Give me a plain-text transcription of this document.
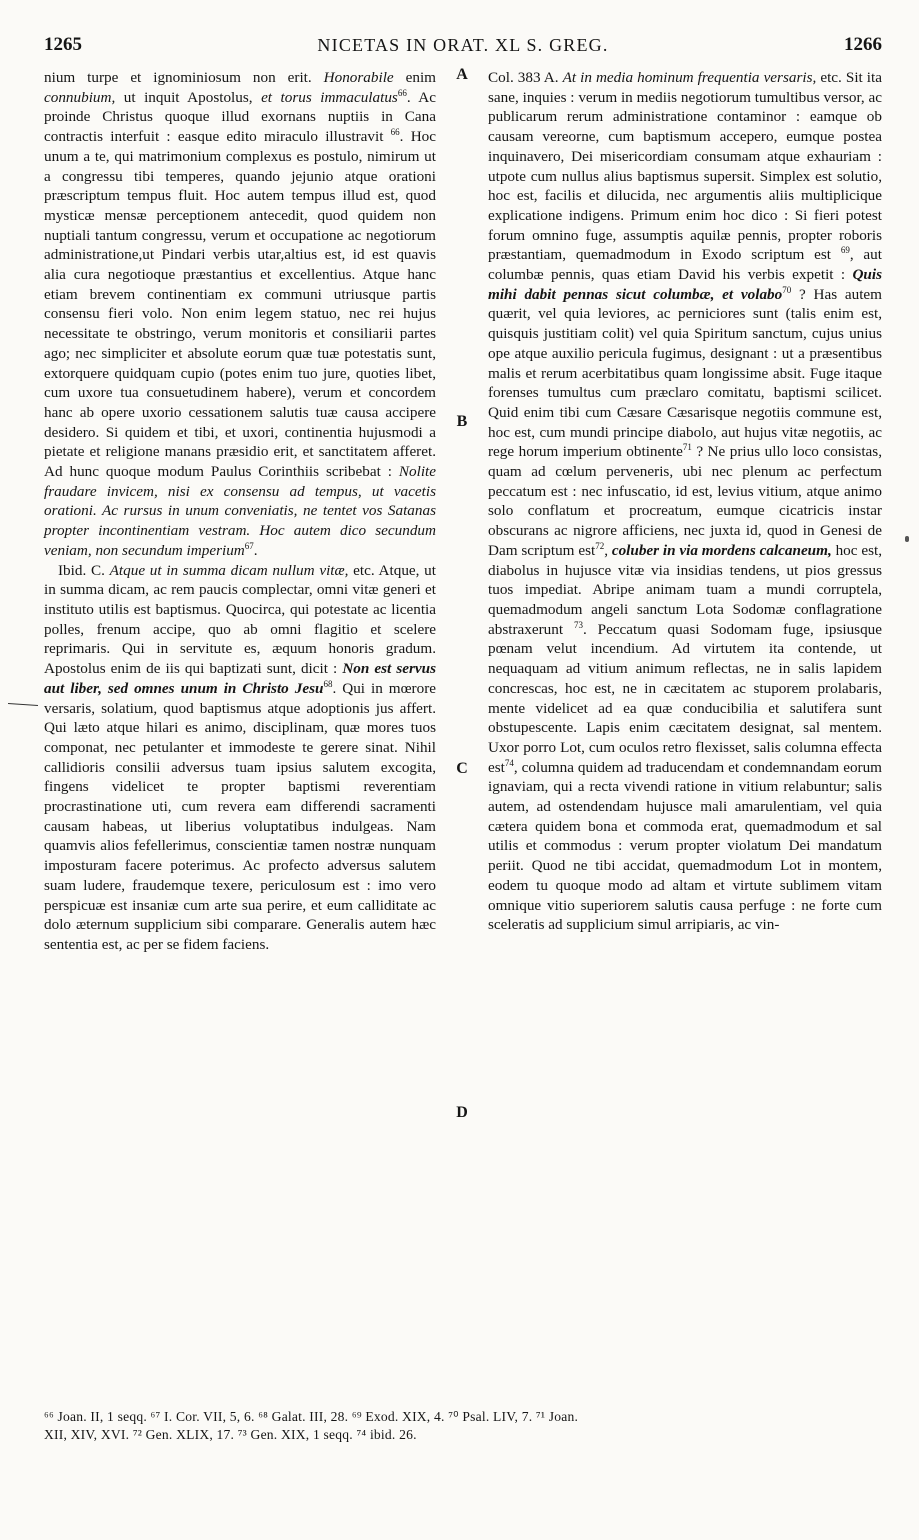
1265	NICETAS IN ORAT. XL S. GREG.	1266

nium turpe et ignominiosum non erit. Honorabile enim connubium, ut inquit Apostolus, et torus immaculatus$^{66}$. Ac proinde Christus quoque illud exornans nuptiis in Cana contractis interfuit : easque edito miraculo illustravit $^{66}$. Hoc unum a te, qui matrimonium complexus es postulo, nimirum ut a congressu tibi temperes, quando jejunio atque orationi præscriptum tempus fluit. Hoc autem tempus illud est, quod mysticæ mensæ perceptionem antecedit, quod quidem non nuptiali tantum congressu, verum et occupatione ac negotiorum administratione,ut Pindari verbis utar,altius est, id est quavis alia cura negotioque præstantius et excellentius. Atque hanc etiam brevem continentiam ex communi utriusque partis consensu fieri volo. Non enim legem statuo, nec rei hujus necessitate te obstringo, verum monitoris et consiliarii partes ago; nec simpliciter et absolute eorum quæ tuæ potestatis sunt, extorquere quidquam cupio (potes enim tuo jure, quoties libet, cum uxore tua consuetudinem habere), verum et concordem hanc ab opere uxorio cessationem salutis tuæ causa accipere desidero. Si quidem et tibi, et uxori, continentia hujusmodi a pietate et religione manans præsidio erit, et sanctitatem afferet. Ad hunc quoque modum Paulus Corinthiis scribebat : Nolite fraudare invicem, nisi ex consensu ad tempus, ut vacetis orationi. Ac rursus in unum conveniatis, ne tentet vos Satanas propter incontinentiam vestram. Hoc autem dico secundum veniam, non secundum imperium$^{67}$.

Ibid. C. Atque ut in summa dicam nullum vitæ, etc. Atque, ut in summa dicam, ac rem paucis complectar, omni vitæ generi et instituto utilis est baptismus. Quocirca, qui potestate ac licentia polles, frenum accipe, quo ab omni flagitio et scelere reprimaris. Qui in servitute es, æquum honoris gradum. Apostolus enim de iis qui baptizati sunt, dicit : Non est servus aut liber, sed omnes unum in Christo Jesu$^{68}$. Qui in mœrore versaris, solatium, quod baptismus atque adoptionis jus affert. Qui læto atque hilari es animo, disciplinam, quæ mores tuos componat, nec petulanter et immodeste te gerere sinat. Nihil callidioris consilii adversus tuam ipsius salutem excogita, fingens videlicet te propter baptismi reverentiam procrastinatione uti, cum revera eam differendi sacramenti causam habeas, ut liberius voluptatibus indulgeas. Nam quamvis alios fefellerimus, conscientiæ tamen nostræ nunquam imposturam facere poterimus. Ac profecto adversus salutem suam ludere, fraudemque texere, periculosum est : imo vero perspicuæ est insaniæ cum arte sua perire, et eum calliditate ac dolo æternum supplicium sibi comparare. Generalis autem hæc sententia est, ac per se fidem faciens.

A
B
C
D

Col. 383 A. At in media hominum frequentia versaris, etc. Sit ita sane, inquies : verum in mediis negotiorum tumultibus versor, ac publicarum rerum administratione contaminor : eamque ob causam vereorne, cum baptismum accepero, eumque postea inquinavero, Dei misericordiam consumam atque exhauriam : utpote cum nullus alius baptismus supersit. Simplex est solutio, hoc est, facilis et dilucida, nec argumentis aliis multiplicique explicatione indigens. Primum enim hoc dico : Si fieri potest forum omnino fuge, assumptis aquilæ pennis, propter roboris præstantiam, quemadmodum in Exodo scriptum est $^{69}$, aut columbæ pennis, quas etiam David his verbis expetit : Quis mihi dabit pennas sicut columbæ, et volabo$^{70}$ ? Has autem quærit, vel quia leviores, ac perniciores sunt (talis enim est, quisquis justitiam colit) vel quia Spiritum sanctum, cujus unius ope atque auxilio pericula fugimus, designant : ut a præsentibus malis et rerum acerbitatibus quam longissime absit. Fuge itaque forenses tumultus cum præclaro comitatu, baptismi scilicet. Quid enim tibi cum Cæsare Cæsarisque negotiis commune est, hoc est, cum mundi principe diabolo, aut hujus vitæ negotiis, ac rege horum imperium obtinente$^{71}$ ? Ne prius ullo loco consistas, quam ad cœlum perveneris, ubi nec plenum ac perfectum peccatum est : nec infuscatio, id est, levius vitium, atque animo solo conflatum et procreatum, eumque cicatricis instar obscurans ac nigrore afficiens, nec juxta id, quod in Genesi de Dam scriptum est$^{72}$, coluber in via mordens calcaneum, hoc est, diabolus in hujusce vitæ via insidias tendens, ut pios gressus tuos impediat. Abripe animam tuam a mundi corruptela, quemadmodum angeli sanctum Lota Sodomæ conflagratione abstraxerunt $^{73}$. Peccatum quasi Sodomam fuge, ipsiusque pœnam velut incendium. Ad virtutem ita contende, ut nequaquam ad vitium animum reflectas, ne in salis lapidem concrescas, hoc est, ne in cæcitatem ac stuporem prolabaris, mente videlicet ad ea quæ conducibilia et salutifera sunt obstupescente. Lapis enim cæcitatem designat, sal mentem. Uxor porro Lot, cum oculos retro flexisset, salis columna effecta est$^{74}$, columna quidem ad traducendam et condemnandam eorum ignaviam, qui a recta vivendi ratione in vitium relabuntur; salis autem, ad ostendendam hujusce mali amarulentiam, vel quia cætera quidem bona et commoda erat, quemadmodum et sal utilis et commodus : verum propter violatum Dei mandatum periit. Quod ne tibi accidat, quemadmodum Lot in montem, eodem tu quoque modo ad altam et virtute sublimem vitam omnique vitio superiorem salutis causa perfuge : ne forte cum sceleratis ad supplicium simul arripiaris, ac vin-

⁶⁶ Joan. II, 1 seqq. ⁶⁷ I. Cor. VII, 5, 6. ⁶⁸ Galat. III, 28. ⁶⁹ Exod. XIX, 4. ⁷⁰ Psal. LIV, 7. ⁷¹ Joan.
XII, XIV, XVI. ⁷² Gen. XLIX, 17. ⁷³ Gen. XIX, 1 seqq. ⁷⁴ ibid. 26.
